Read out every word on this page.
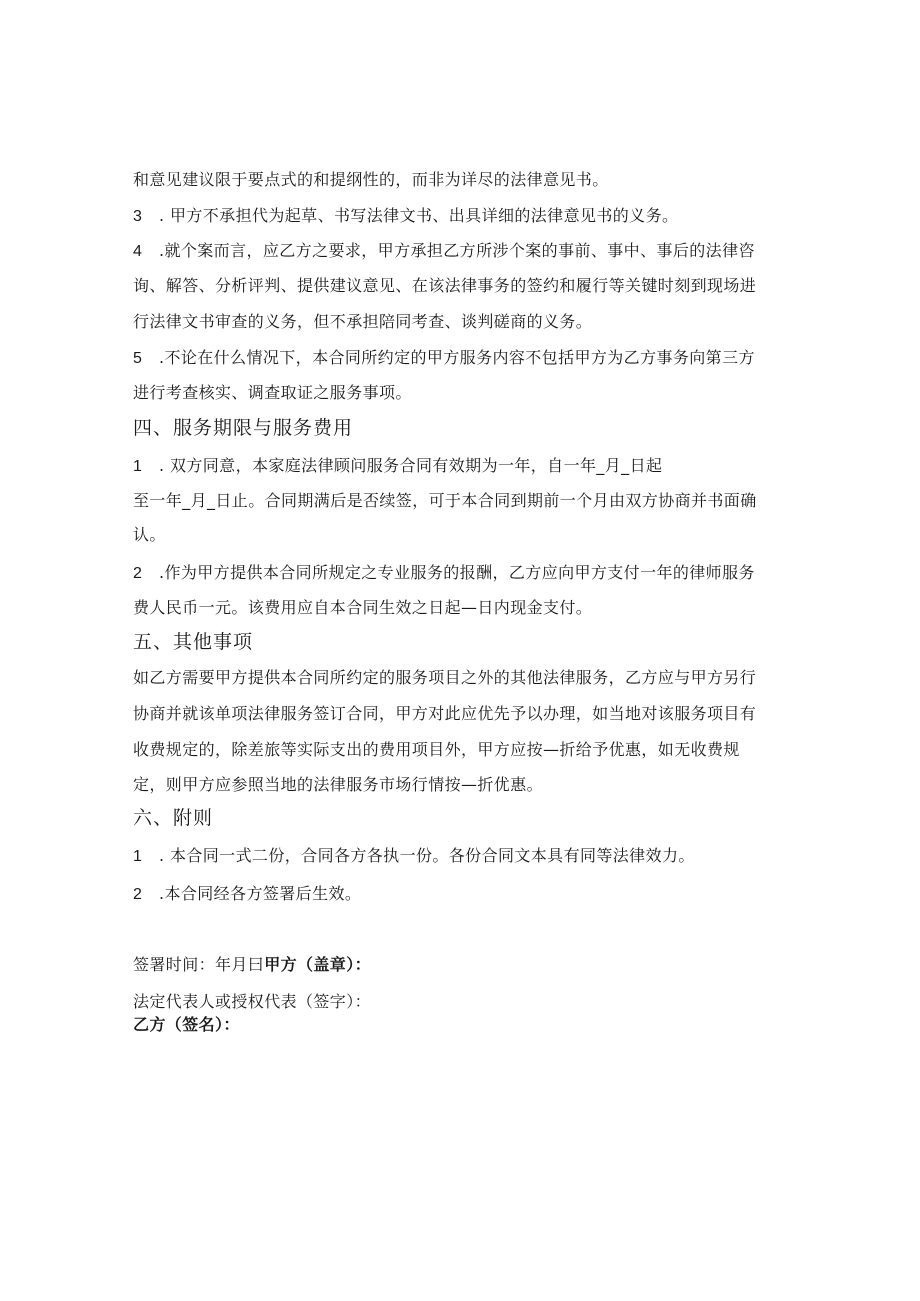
和意见建议限于要点式的和提纲性的，而非为详尽的法律意见书。
3 . 甲方不承担代为起草、书写法律文书、出具详细的法律意见书的义务。
4 .就个案而言，应乙方之要求，甲方承担乙方所涉个案的事前、事中、事后的法律咨
询、解答、分析评判、提供建议意见、在该法律事务的签约和履行等关键时刻到现场进
行法律文书审查的义务，但不承担陪同考查、谈判磋商的义务。
5 .不论在什么情况下，本合同所约定的甲方服务内容不包括甲方为乙方事务向第三方
进行考查核实、调查取证之服务事项。
四、服务期限与服务费用
1 . 双方同意，本家庭法律顾问服务合同有效期为一年，自一年_月_日起
至一年_月_日止。合同期满后是否续签，可于本合同到期前一个月由双方协商并书面确
认。
2 .作为甲方提供本合同所规定之专业服务的报酬，乙方应向甲方支付一年的律师服务
费人民币一元。该费用应自本合同生效之日起—日内现金支付。
五、其他事项
如乙方需要甲方提供本合同所约定的服务项目之外的其他法律服务，乙方应与甲方另行
协商并就该单项法律服务签订合同，甲方对此应优先予以办理，如当地对该服务项目有
收费规定的，除差旅等实际支出的费用项目外，甲方应按—折给予优惠，如无收费规
定，则甲方应参照当地的法律服务市场行情按—折优惠。
六、附则
1 . 本合同一式二份，合同各方各执一份。各份合同文本具有同等法律效力。
2 .本合同经各方签署后生效。
签署时间：年月曰甲方（盖章）：
法定代表人或授权代表（签字）：
乙方（签名）：
